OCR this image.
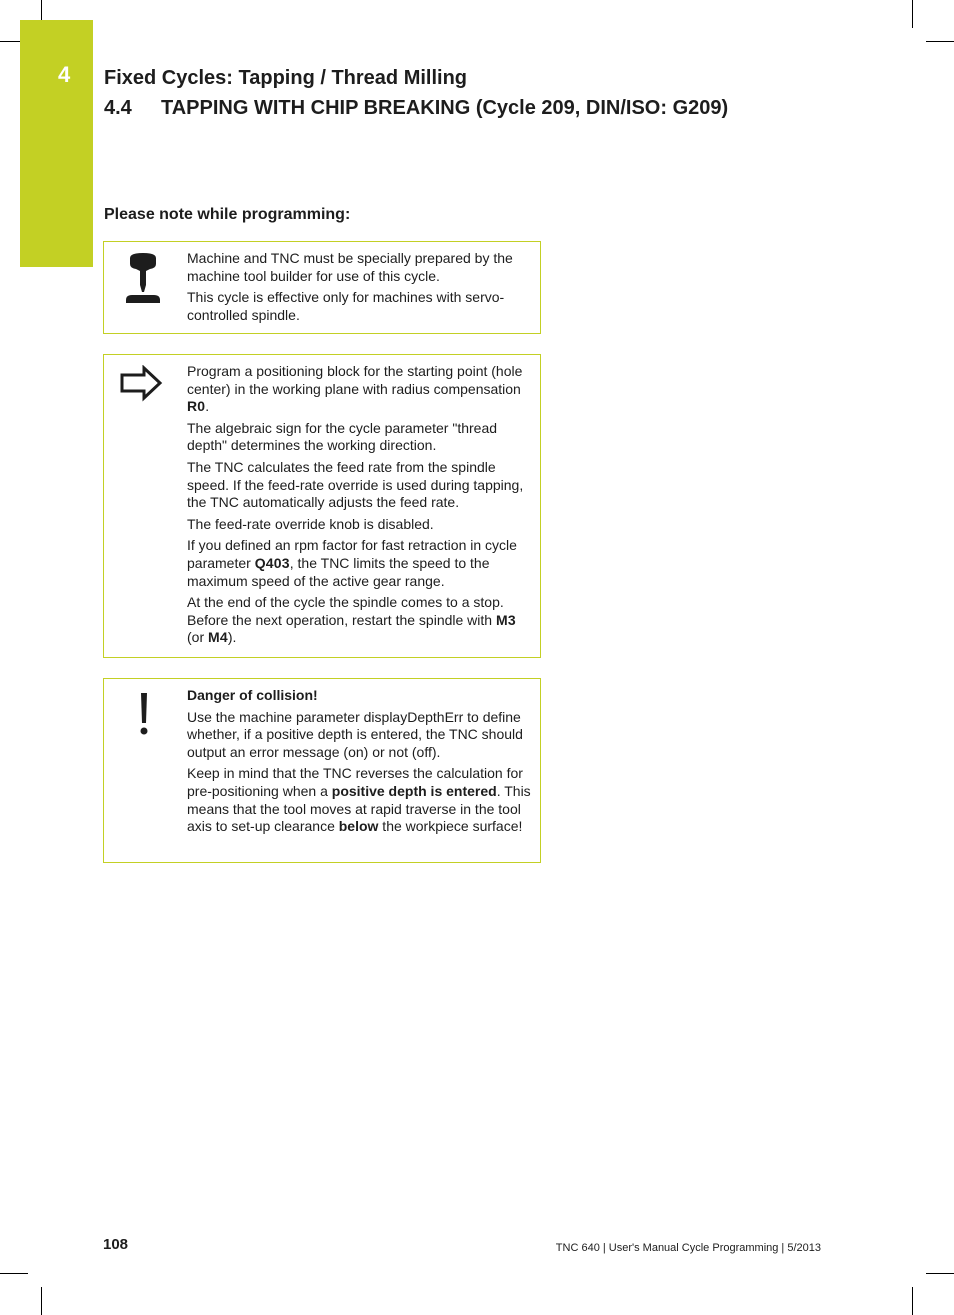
4 Fixed Cycles: Tapping / Thread Milling
4.4 TAPPING WITH CHIP BREAKING (Cycle 209, DIN/ISO: G209)
Please note while programming:

Machine and TNC must be specially prepared by the machine tool builder for use of this cycle.

This cycle is effective only for machines with servo-controlled spindle.

Program a positioning block for the starting point (hole center) in the working plane with radius compensation R0.

The algebraic sign for the cycle parameter "thread depth" determines the working direction.

The TNC calculates the feed rate from the spindle speed. If the feed-rate override is used during tapping, the TNC automatically adjusts the feed rate.

The feed-rate override knob is disabled.

If you defined an rpm factor for fast retraction in cycle parameter Q403, the TNC limits the speed to the maximum speed of the active gear range.

At the end of the cycle the spindle comes to a stop. Before the next operation, restart the spindle with M3 (or M4).

Danger of collision!

Use the machine parameter displayDepthErr to define whether, if a positive depth is entered, the TNC should output an error message (on) or not (off).

Keep in mind that the TNC reverses the calculation for pre-positioning when a positive depth is entered. This means that the tool moves at rapid traverse in the tool axis to set-up clearance below the workpiece surface!

108	TNC 640 | User's Manual Cycle Programming | 5/2013
